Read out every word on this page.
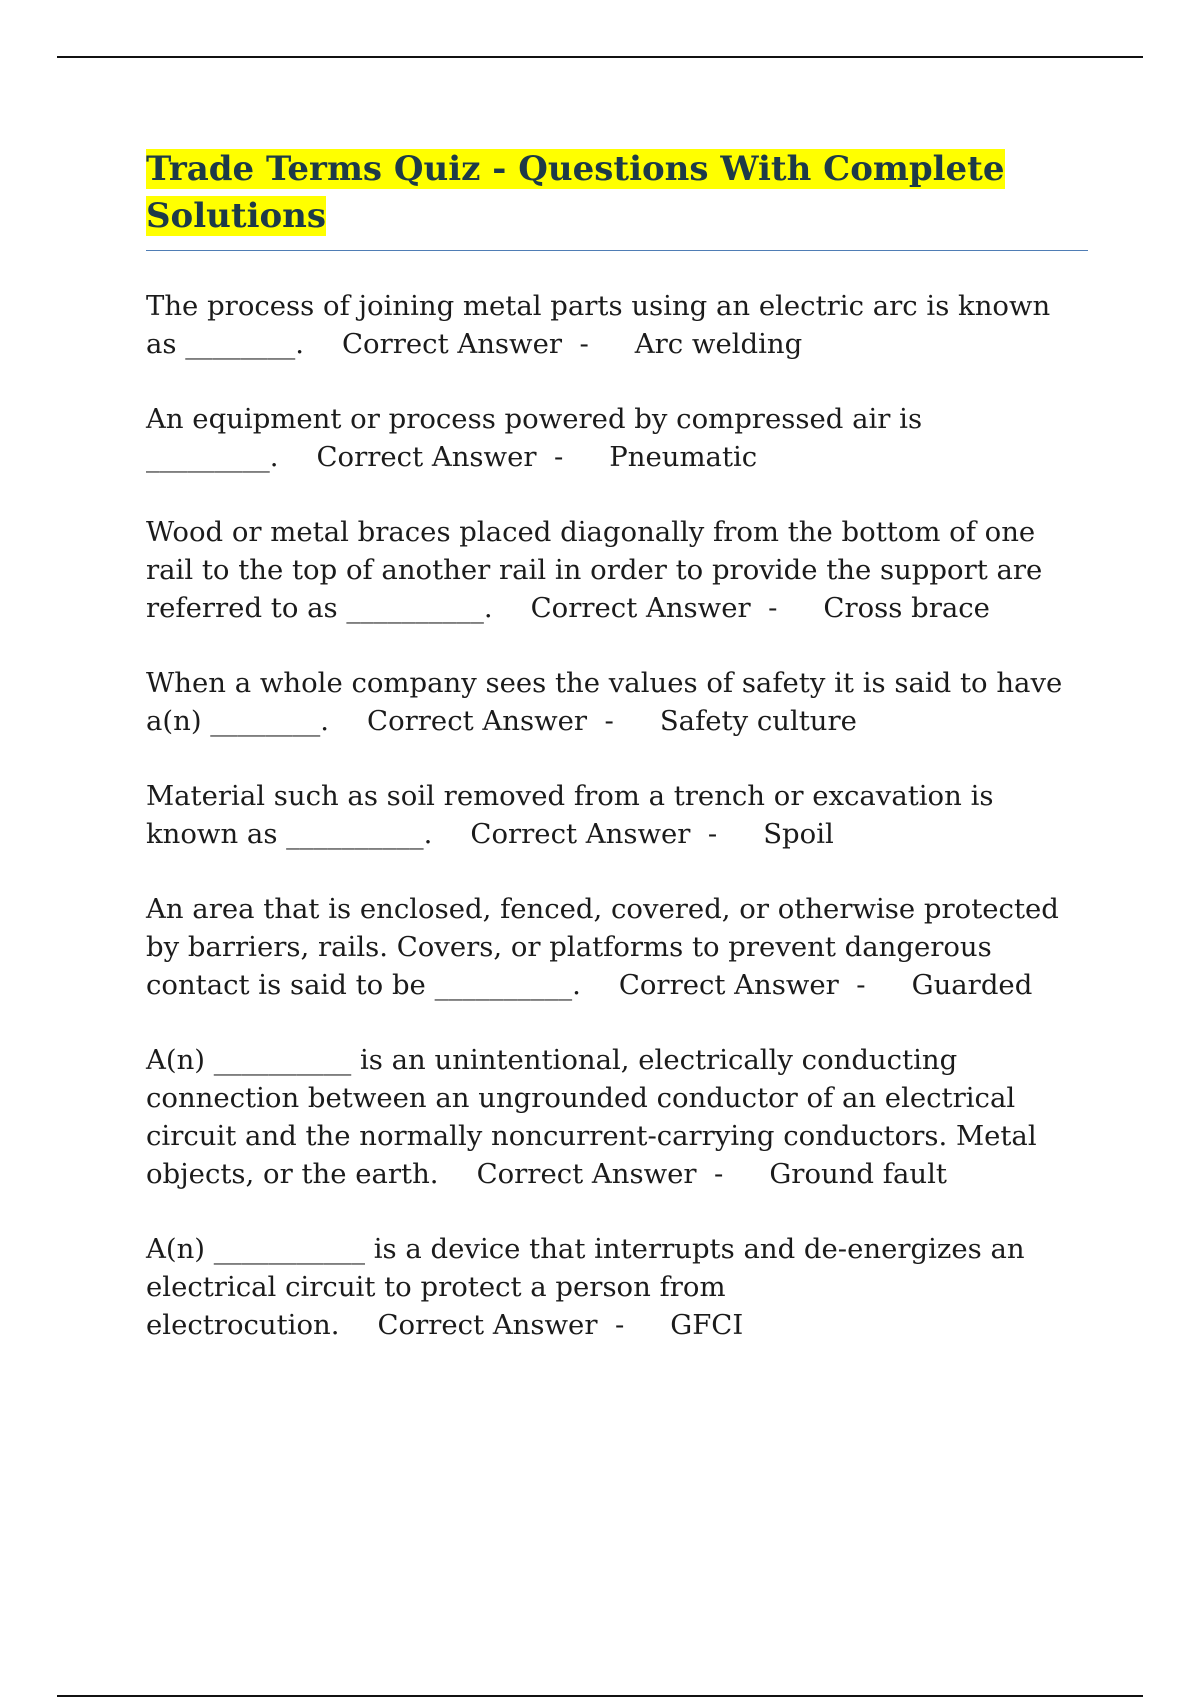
Trade Terms Quiz - Questions With Complete Solutions

The process of joining metal parts using an electric arc is known as ________. Correct Answer  - Arc welding

An equipment or process powered by compressed air is _________. Correct Answer  - Pneumatic

Wood or metal braces placed diagonally from the bottom of one rail to the top of another rail in order to provide the support are referred to as __________. Correct Answer  - Cross brace

When a whole company sees the values of safety it is said to have a(n) ________. Correct Answer  - Safety culture

Material such as soil removed from a trench or excavation is known as __________. Correct Answer  - Spoil

An area that is enclosed, fenced, covered, or otherwise protected by barriers, rails. Covers, or platforms to prevent dangerous contact is said to be __________. Correct Answer  - Guarded

A(n) __________ is an unintentional, electrically conducting connection between an ungrounded conductor of an electrical circuit and the normally noncurrent-carrying conductors. Metal objects, or the earth. Correct Answer  - Ground fault

A(n) ___________ is a device that interrupts and de-energizes an electrical circuit to protect a person from electrocution. Correct Answer  - GFCI
